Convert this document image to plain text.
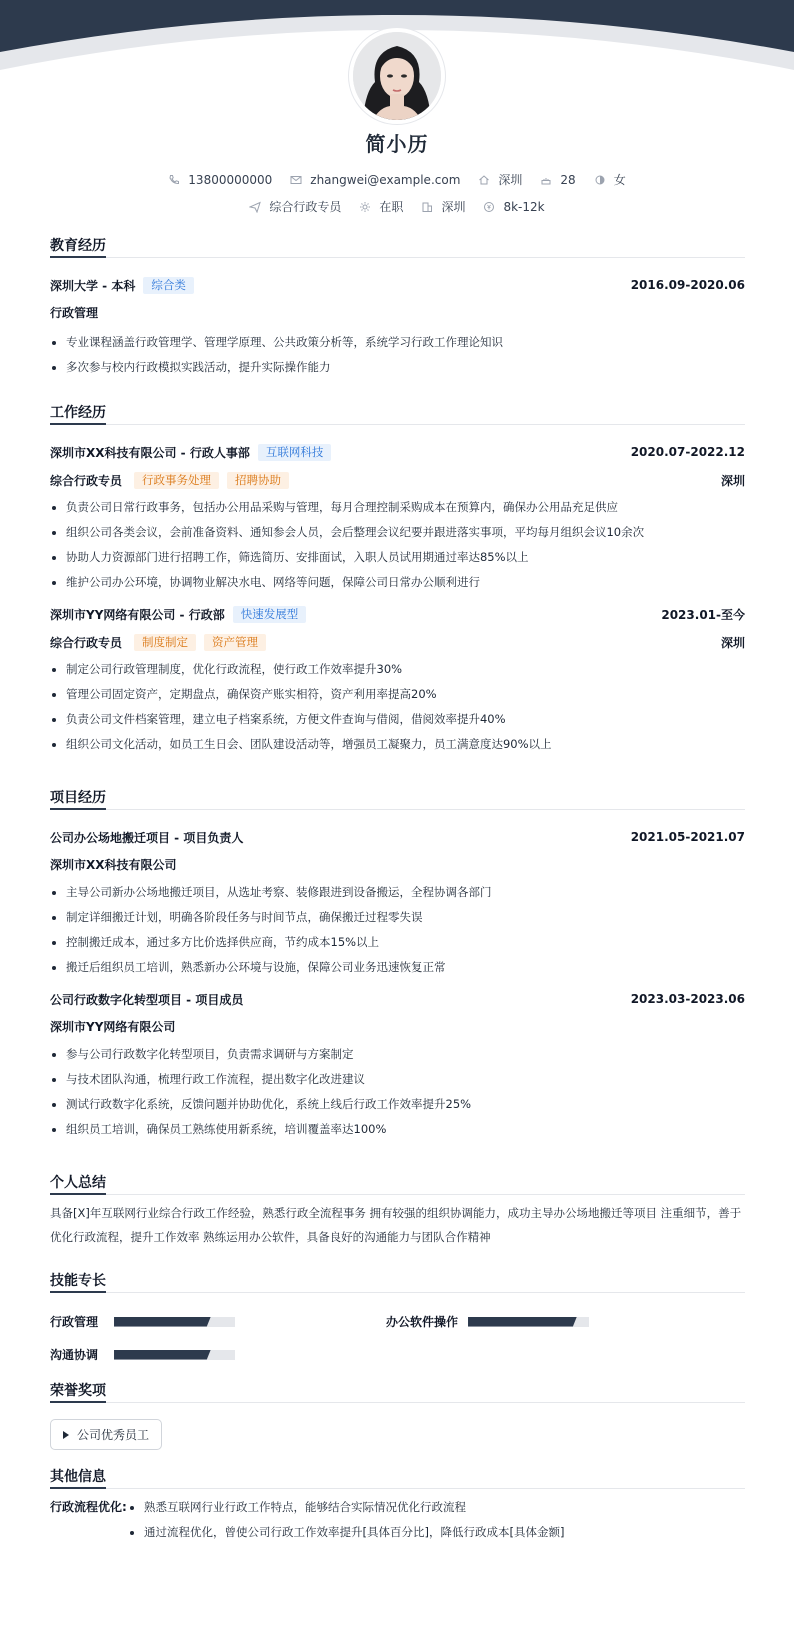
简小历
13800000000	zhangwei@example.com	深圳	28	女
综合行政专员	在职	深圳	8k-12k
教育经历
深圳大学 - 本科	综合类	2016.09-2020.06
行政管理
专业课程涵盖行政管理学、管理学原理、公共政策分析等，系统学习行政工作理论知识
多次参与校内行政模拟实践活动，提升实际操作能力
工作经历
深圳市XX科技有限公司 - 行政人事部	互联网科技	2020.07-2022.12
综合行政专员	行政事务处理	招聘协助	深圳
负责公司日常行政事务，包括办公用品采购与管理，每月合理控制采购成本在预算内，确保办公用品充足供应
组织公司各类会议，会前准备资料、通知参会人员，会后整理会议纪要并跟进落实事项，平均每月组织会议10余次
协助人力资源部门进行招聘工作，筛选简历、安排面试，入职人员试用期通过率达85%以上
维护公司办公环境，协调物业解决水电、网络等问题，保障公司日常办公顺利进行
深圳市YY网络有限公司 - 行政部	快速发展型	2023.01-至今
综合行政专员	制度制定	资产管理	深圳
制定公司行政管理制度，优化行政流程，使行政工作效率提升30%
管理公司固定资产，定期盘点，确保资产账实相符，资产利用率提高20%
负责公司文件档案管理，建立电子档案系统，方便文件查询与借阅，借阅效率提升40%
组织公司文化活动，如员工生日会、团队建设活动等，增强员工凝聚力，员工满意度达90%以上
项目经历
公司办公场地搬迁项目 - 项目负责人	2021.05-2021.07
深圳市XX科技有限公司
主导公司新办公场地搬迁项目，从选址考察、装修跟进到设备搬运，全程协调各部门
制定详细搬迁计划，明确各阶段任务与时间节点，确保搬迁过程零失误
控制搬迁成本，通过多方比价选择供应商，节约成本15%以上
搬迁后组织员工培训，熟悉新办公环境与设施，保障公司业务迅速恢复正常
公司行政数字化转型项目 - 项目成员	2023.03-2023.06
深圳市YY网络有限公司
参与公司行政数字化转型项目，负责需求调研与方案制定
与技术团队沟通，梳理行政工作流程，提出数字化改进建议
测试行政数字化系统，反馈问题并协助优化，系统上线后行政工作效率提升25%
组织员工培训，确保员工熟练使用新系统，培训覆盖率达100%
个人总结
具备[X]年互联网行业综合行政工作经验，熟悉行政全流程事务 拥有较强的组织协调能力，成功主导办公场地搬迁等项目 注重细节，善于优化行政流程，提升工作效率 熟练运用办公软件，具备良好的沟通能力与团队合作精神
技能专长
行政管理	办公软件操作
沟通协调
荣誉奖项
公司优秀员工
其他信息
行政流程优化:	熟悉互联网行业行政工作特点，能够结合实际情况优化行政流程
通过流程优化，曾使公司行政工作效率提升[具体百分比]，降低行政成本[具体金额]
